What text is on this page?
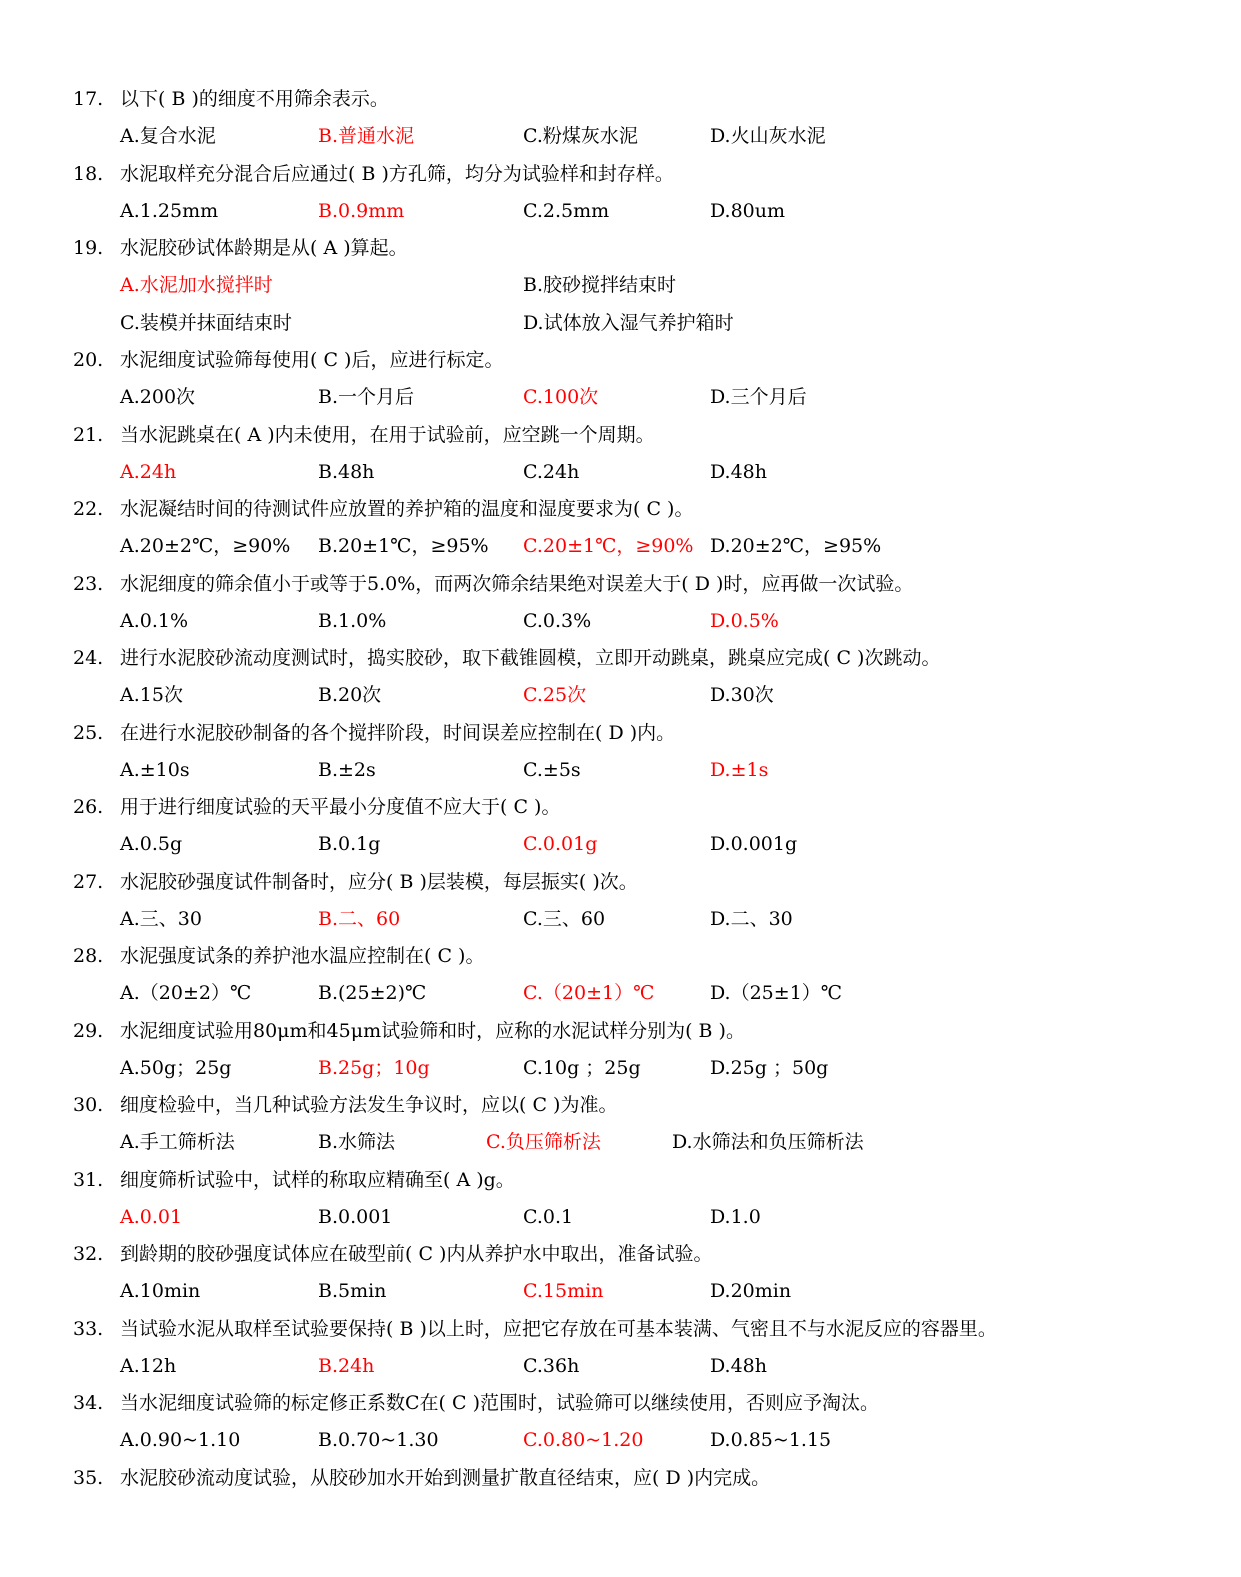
17. 以下( B )的细度不用筛余表示。
A.复合水泥	B.普通水泥	C.粉煤灰水泥	D.火山灰水泥
18. 水泥取样充分混合后应通过( B )方孔筛，均分为试验样和封存样。
A.1.25mm	B.0.9mm	C.2.5mm	D.80um
19. 水泥胶砂试体龄期是从( A )算起。
A.水泥加水搅拌时	B.胶砂搅拌结束时
C.装模并抹面结束时	D.试体放入湿气养护箱时
20. 水泥细度试验筛每使用( C )后，应进行标定。
A.200次	B.一个月后	C.100次	D.三个月后
21. 当水泥跳桌在( A )内未使用，在用于试验前，应空跳一个周期。
A.24h	B.48h	C.24h	D.48h
22. 水泥凝结时间的待测试件应放置的养护箱的温度和湿度要求为( C )。
A.20±2℃，≥90% B.20±1℃，≥95% C.20±1℃，≥90% D.20±2℃，≥95%
23. 水泥细度的筛余值小于或等于5.0%，而两次筛余结果绝对误差大于( D )时，应再做一次试验。
A.0.1%	B.1.0%	C.0.3%	D.0.5%
24. 进行水泥胶砂流动度测试时，捣实胶砂，取下截锥圆模，立即开动跳桌，跳桌应完成( C )次跳动。
A.15次	B.20次	C.25次	D.30次
25. 在进行水泥胶砂制备的各个搅拌阶段，时间误差应控制在( D )内。
A.±10s	B.±2s	C.±5s	D.±1s
26. 用于进行细度试验的天平最小分度值不应大于( C )。
A.0.5g	B.0.1g	C.0.01g	D.0.001g
27. 水泥胶砂强度试件制备时，应分( B )层装模，每层振实( )次。
A.三、30	B.二、60	C.三、60	D.二、30
28. 水泥强度试条的养护池水温应控制在( C )。
A.（20±2）℃	B.(25±2)℃	C.（20±1）℃	D.（25±1）℃
29. 水泥细度试验用80μm和45μm试验筛和时，应称的水泥试样分别为( B )。
A.50g；25g	B.25g；10g	C.10g ；25g	D.25g ；50g
30. 细度检验中，当几种试验方法发生争议时，应以( C )为准。
A.手工筛析法	B.水筛法	C.负压筛析法	D.水筛法和负压筛析法
31. 细度筛析试验中，试样的称取应精确至( A )g。
A.0.01	B.0.001	C.0.1	D.1.0
32. 到龄期的胶砂强度试体应在破型前( C )内从养护水中取出，准备试验。
A.10min	B.5min	C.15min	D.20min
33. 当试验水泥从取样至试验要保持( B )以上时，应把它存放在可基本装满、气密且不与水泥反应的容器里。
A.12h	B.24h	C.36h	D.48h
34. 当水泥细度试验筛的标定修正系数C在( C )范围时，试验筛可以继续使用，否则应予淘汰。
A.0.90~1.10	B.0.70~1.30	C.0.80~1.20	D.0.85~1.15
35. 水泥胶砂流动度试验，从胶砂加水开始到测量扩散直径结束，应( D )内完成。
